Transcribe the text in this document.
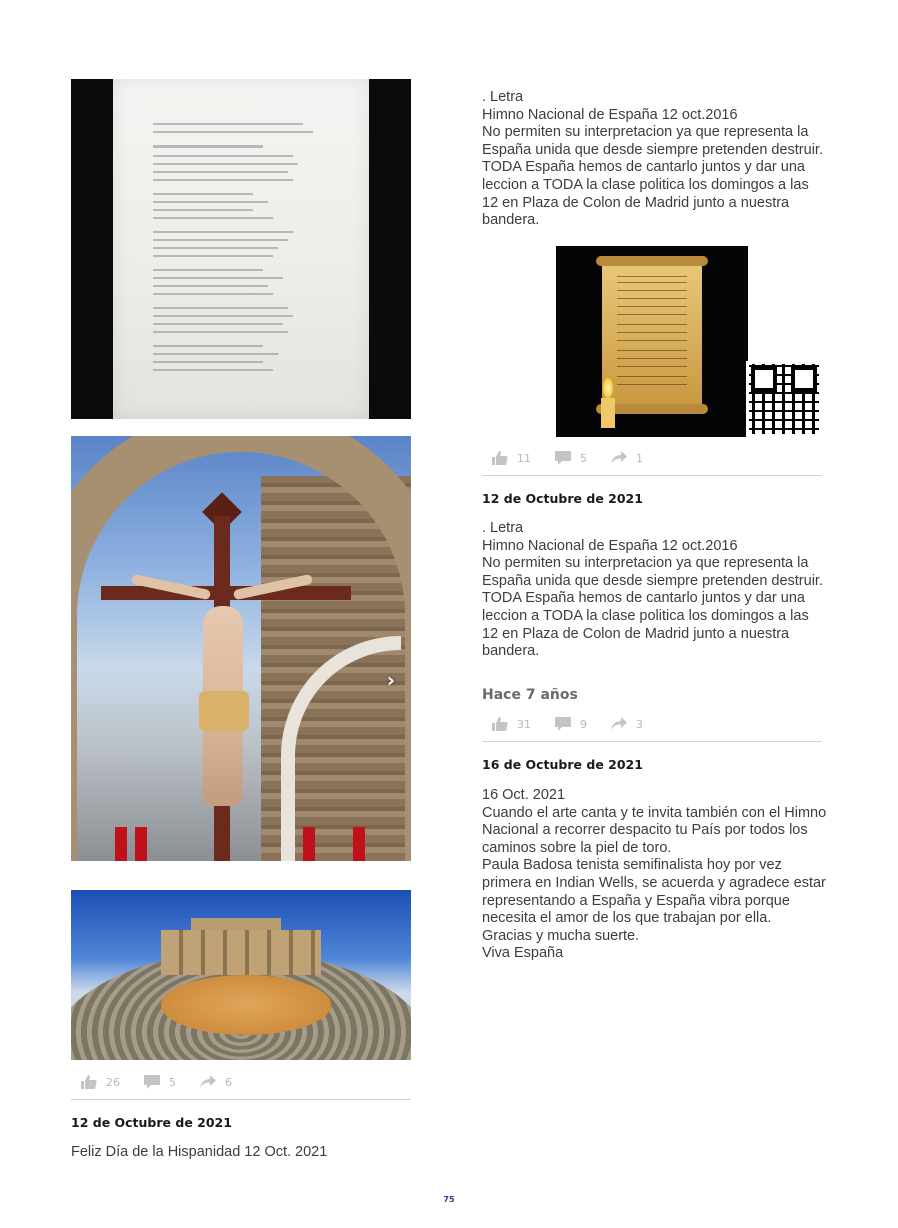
›
26	5	6
12 de Octubre de 2021
Feliz Día de la Hispanidad 12 Oct. 2021
. Letra
Himno Nacional de España 12 oct.2016
No permiten su interpretacion ya que representa la España unida que desde siempre pretenden destruir.
TODA España hemos de cantarlo juntos y dar una leccion a TODA la clase politica los domingos a las 12 en Plaza de Colon de Madrid junto a nuestra bandera.
11	5	1
12 de Octubre de 2021
. Letra
Himno Nacional de España 12 oct.2016
No permiten su interpretacion ya que representa la España unida que desde siempre pretenden destruir.
TODA España hemos de cantarlo juntos y dar una leccion a TODA la clase politica los domingos a las 12 en Plaza de Colon de Madrid junto a nuestra bandera.
Hace 7 años
31	9	3
16 de Octubre de 2021
16 Oct. 2021
Cuando el arte canta y te invita también con el Himno Nacional a recorrer despacito tu País por todos los caminos sobre la piel de toro.
Paula Badosa tenista semifinalista hoy por vez primera en Indian Wells, se acuerda y agradece estar representando a España y España vibra porque necesita el amor de los que trabajan por ella.
Gracias y mucha suerte.
Viva España
75
